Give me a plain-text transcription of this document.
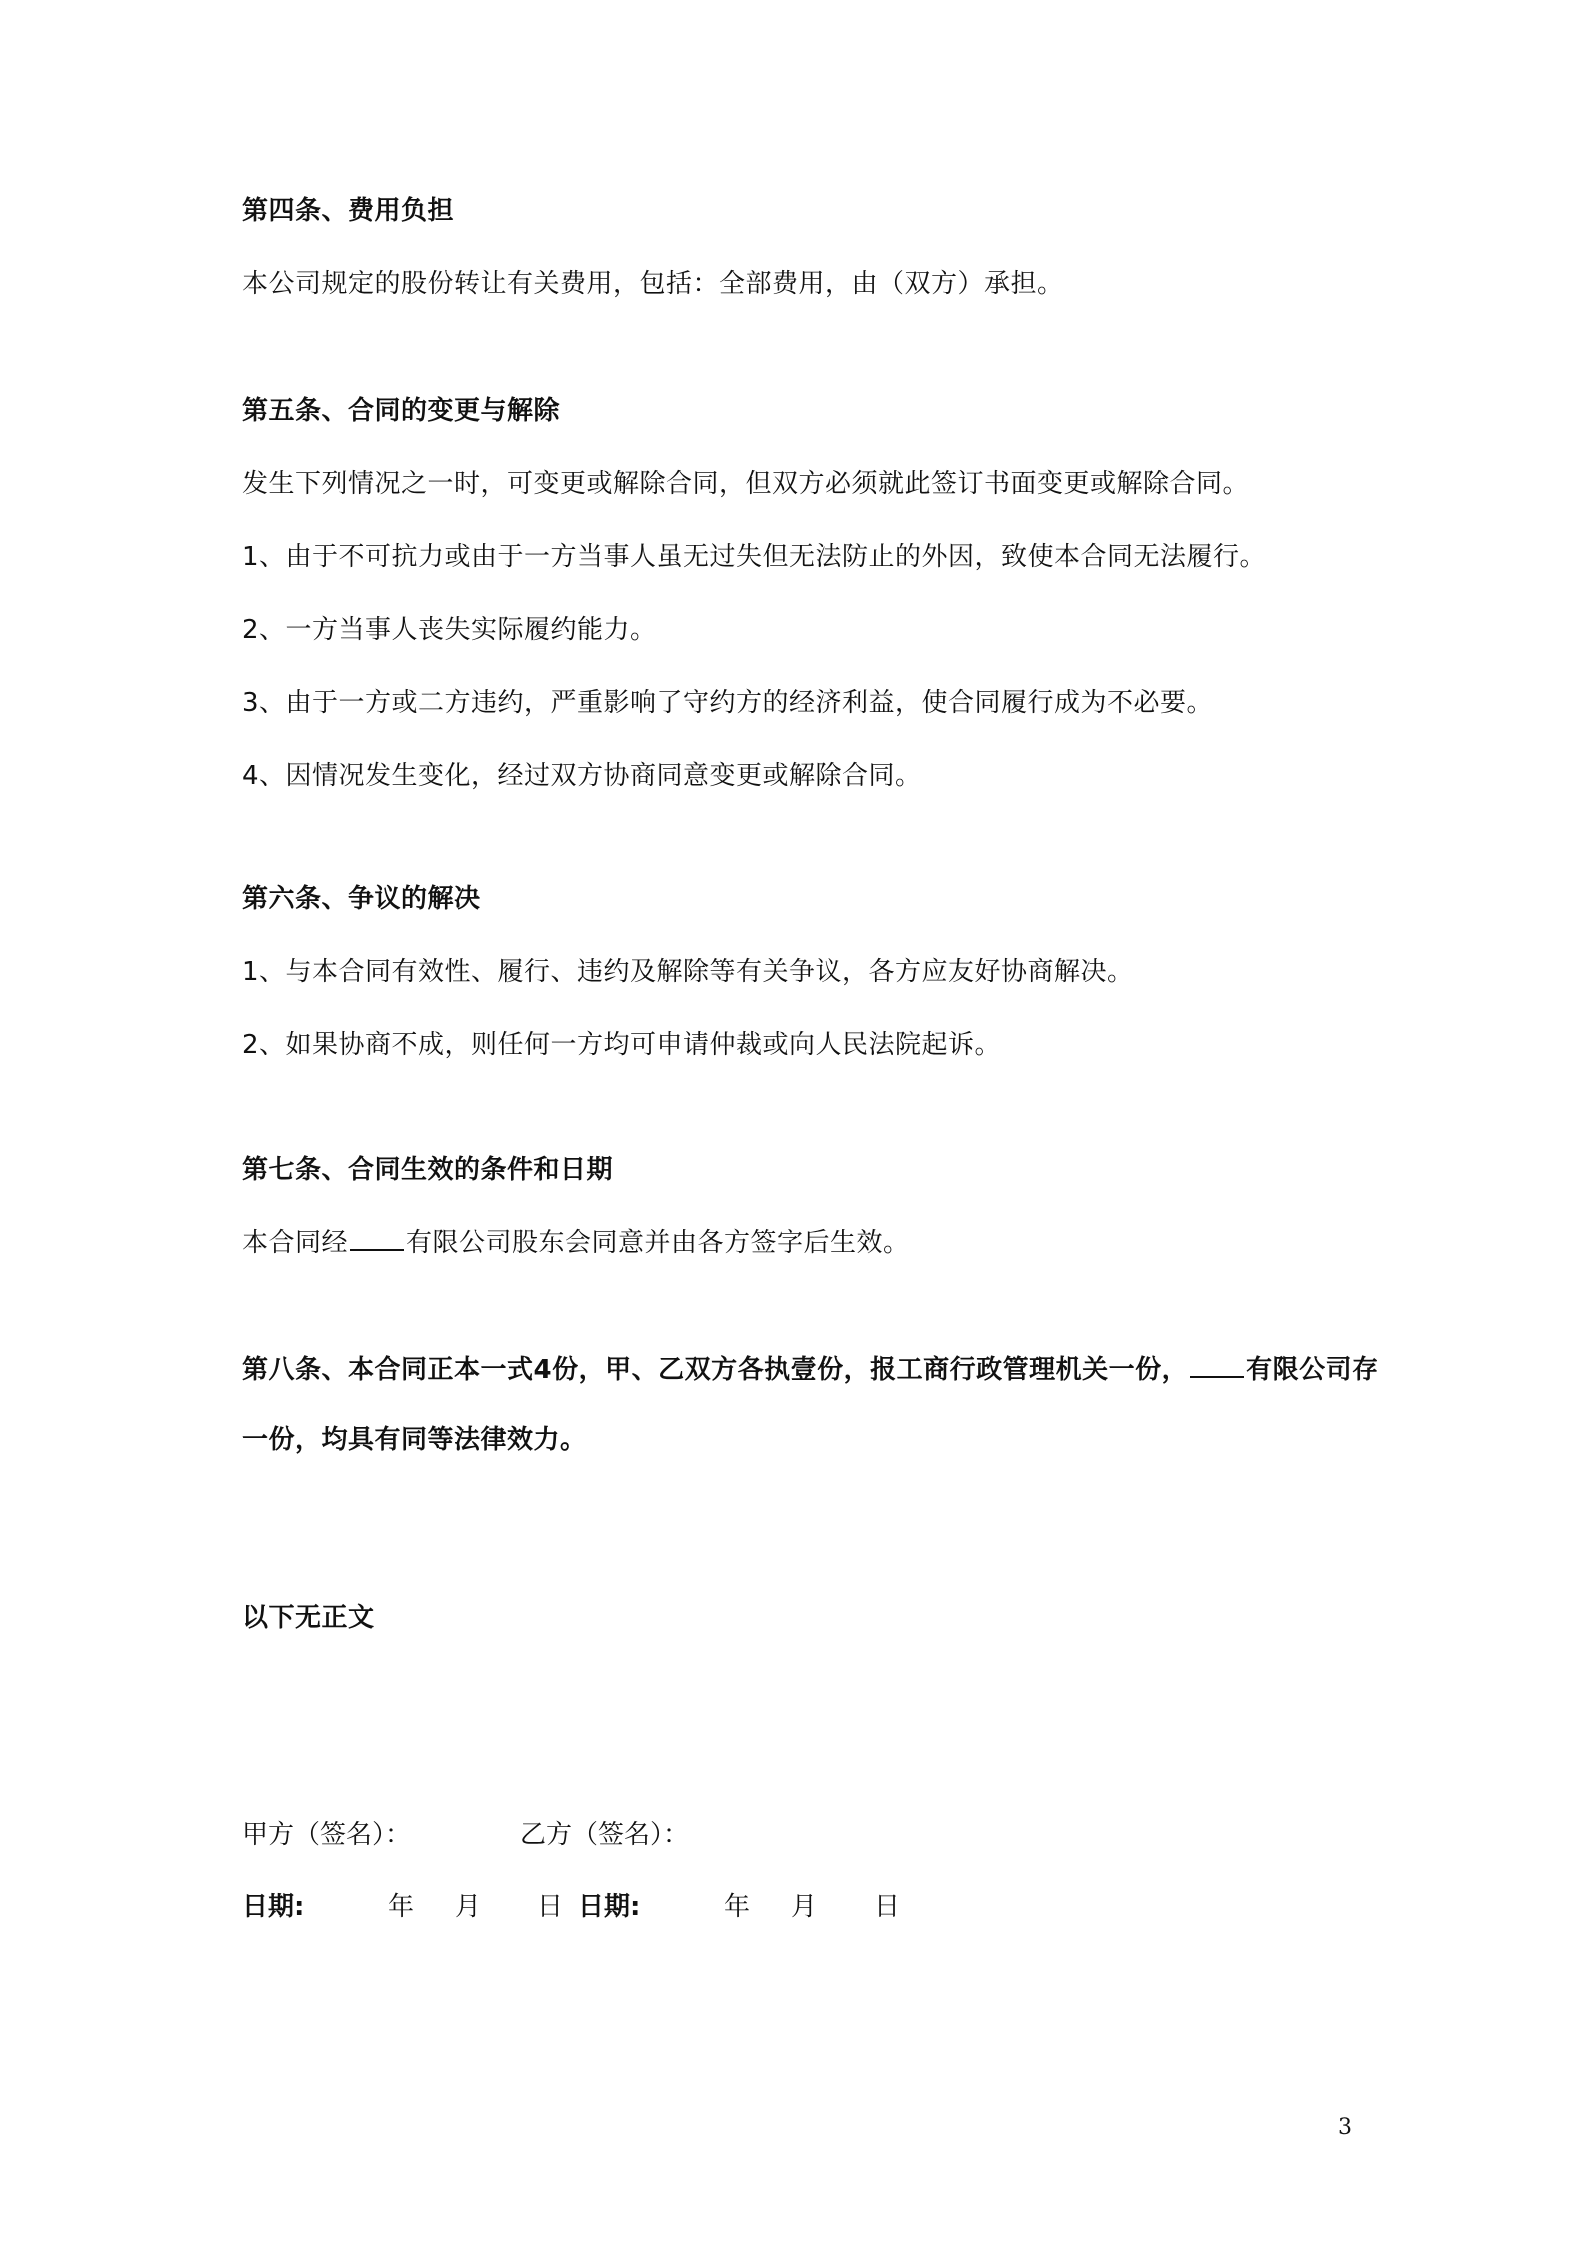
第四条、费用负担
本公司规定的股份转让有关费用，包括：全部费用，由（双方）承担。
第五条、合同的变更与解除
发生下列情况之一时，可变更或解除合同，但双方必须就此签订书面变更或解除合同。
1、由于不可抗力或由于一方当事人虽无过失但无法防止的外因，致使本合同无法履行。
2、一方当事人丧失实际履约能力。
3、由于一方或二方违约，严重影响了守约方的经济利益，使合同履行成为不必要。
4、因情况发生变化，经过双方协商同意变更或解除合同。
第六条、争议的解决
1、与本合同有效性、履行、违约及解除等有关争议，各方应友好协商解决。
2、如果协商不成，则任何一方均可申请仲裁或向人民法院起诉。
第七条、合同生效的条件和日期
本合同经 有限公司股东会同意并由各方签字后生效。
第八条、本合同正本一式4份，甲、乙双方各执壹份，报工商行政管理机关一份， 有限公司存
一份，均具有同等法律效力。
以下无正文
甲方（签名）：	乙方（签名）：
日期:	年 月 日 日期:	年 月 日
3
